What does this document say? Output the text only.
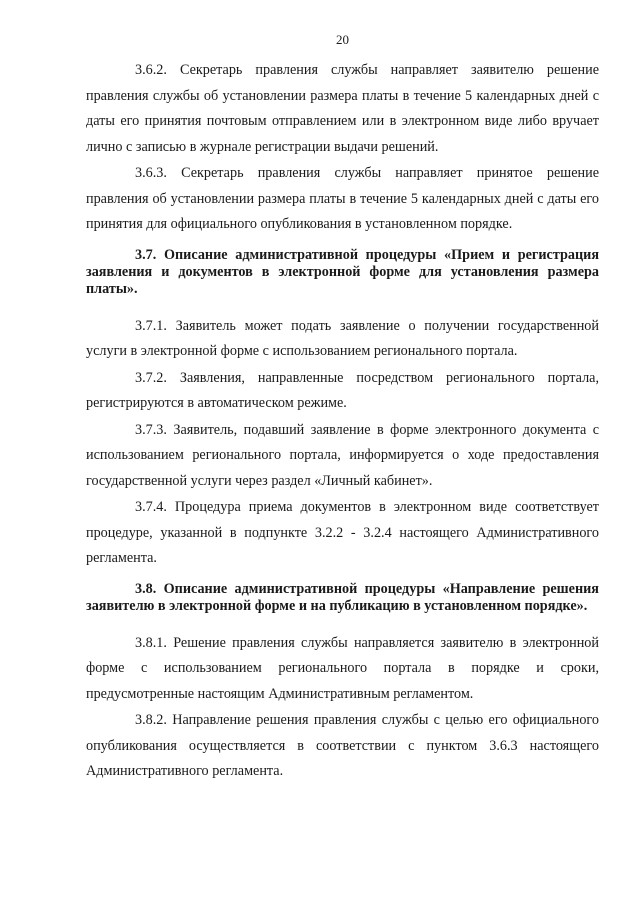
20

3.6.2. Секретарь правления службы направляет заявителю решение правления службы об установлении размера платы в течение 5 календарных дней с даты его принятия почтовым отправлением или в электронном виде либо вручает лично с записью в журнале регистрации выдачи решений.

3.6.3. Секретарь правления службы направляет принятое решение правления об установлении размера платы в течение 5 календарных дней с даты его принятия для официального опубликования в установленном порядке.

3.7. Описание административной процедуры «Прием и регистрация заявления и документов в электронной форме для установления размера платы».

3.7.1. Заявитель может подать заявление о получении государственной услуги в электронной форме с использованием регионального портала.

3.7.2. Заявления, направленные посредством регионального портала, регистрируются в автоматическом режиме.

3.7.3. Заявитель, подавший заявление в форме электронного документа с использованием регионального портала, информируется о ходе предоставления государственной услуги через раздел «Личный кабинет».

3.7.4. Процедура приема документов в электронном виде соответствует процедуре, указанной в подпункте 3.2.2 - 3.2.4 настоящего Административного регламента.

3.8. Описание административной процедуры «Направление решения заявителю в электронной форме и на публикацию в установленном порядке».

3.8.1. Решение правления службы направляется заявителю в электронной форме с использованием регионального портала в порядке и сроки, предусмотренные настоящим Административным регламентом.

3.8.2. Направление решения правления службы с целью его официального опубликования осуществляется в соответствии с пунктом 3.6.3 настоящего Административного регламента.
